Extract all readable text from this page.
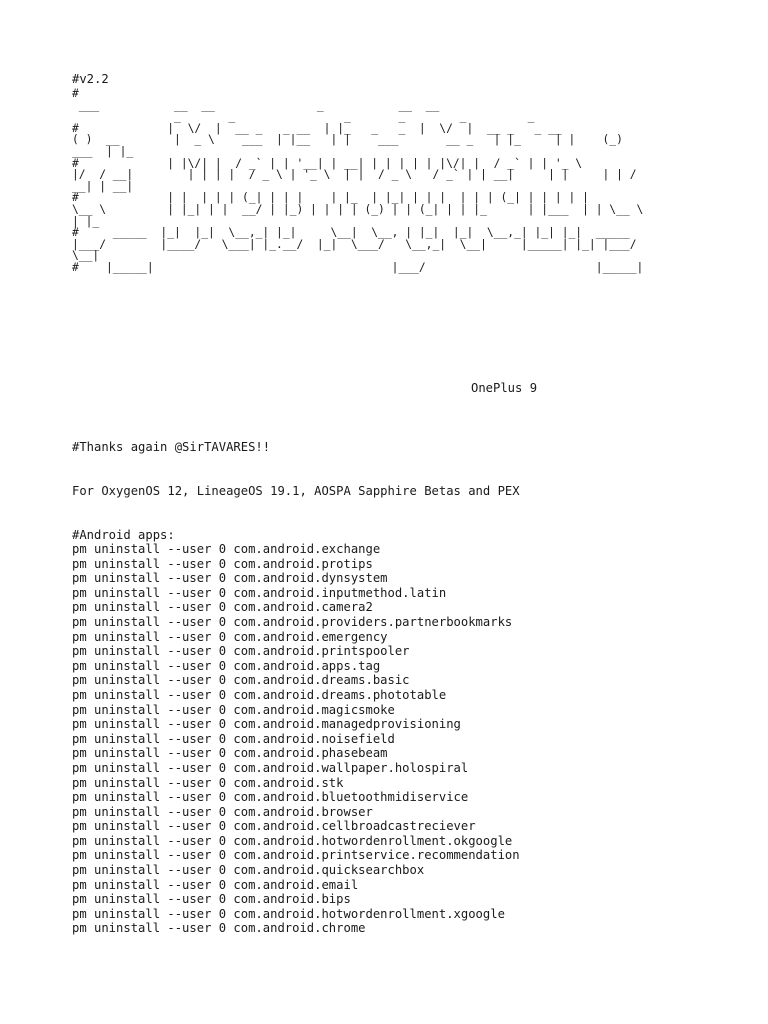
#v2.2
#
___           __  __               _           __  __
_       _                _       _        _         _
#             |  \/  |  __ _   _ __  | |_   _   _  |  \/  |  __ _   _ __
( )  __        |  _ \    ___  | |__   | |    ___       __ _   | |_     | |    (_)
___  | |_
#             | |\/| |  / _` | | '__| | __| | | | | | |\/| |  / _` | | '_ \
|/  / __|        | | | |  / _ \ | '_ \  | |  / _ \   / _` | | __|     | |     | | /
__| | __|
#             | |  | | | (_| | | |    | |_  | |_| | | |  | | | (_| | | | | |
\__ \         | |_| | |  __/ | |_) | | | | (_) | | (_| | | |_      | |___  | | \__ \
| |_
#     _____  |_|  |_|  \__,_| |_|     \__|  \__, | |_|  |_|  \__,_| |_| |_|  _____
|___/        |____/   \___| |_.__/  |_|  \___/   \__,_|  \__|     |_____| |_| |___/
\__|
#    |_____|                                   |___/                         |_____|
OnePlus 9
#Thanks again @SirTAVARES!!
For OxygenOS 12, LineageOS 19.1, AOSPA Sapphire Betas and PEX
#Android apps:
pm uninstall --user 0 com.android.exchange
pm uninstall --user 0 com.android.protips
pm uninstall --user 0 com.android.dynsystem
pm uninstall --user 0 com.android.inputmethod.latin
pm uninstall --user 0 com.android.camera2
pm uninstall --user 0 com.android.providers.partnerbookmarks
pm uninstall --user 0 com.android.emergency
pm uninstall --user 0 com.android.printspooler
pm uninstall --user 0 com.android.apps.tag
pm uninstall --user 0 com.android.dreams.basic
pm uninstall --user 0 com.android.dreams.phototable
pm uninstall --user 0 com.android.magicsmoke
pm uninstall --user 0 com.android.managedprovisioning
pm uninstall --user 0 com.android.noisefield
pm uninstall --user 0 com.android.phasebeam
pm uninstall --user 0 com.android.wallpaper.holospiral
pm uninstall --user 0 com.android.stk
pm uninstall --user 0 com.android.bluetoothmidiservice
pm uninstall --user 0 com.android.browser
pm uninstall --user 0 com.android.cellbroadcastreciever
pm uninstall --user 0 com.android.hotwordenrollment.okgoogle
pm uninstall --user 0 com.android.printservice.recommendation
pm uninstall --user 0 com.android.quicksearchbox
pm uninstall --user 0 com.android.email
pm uninstall --user 0 com.android.bips
pm uninstall --user 0 com.android.hotwordenrollment.xgoogle
pm uninstall --user 0 com.android.chrome
